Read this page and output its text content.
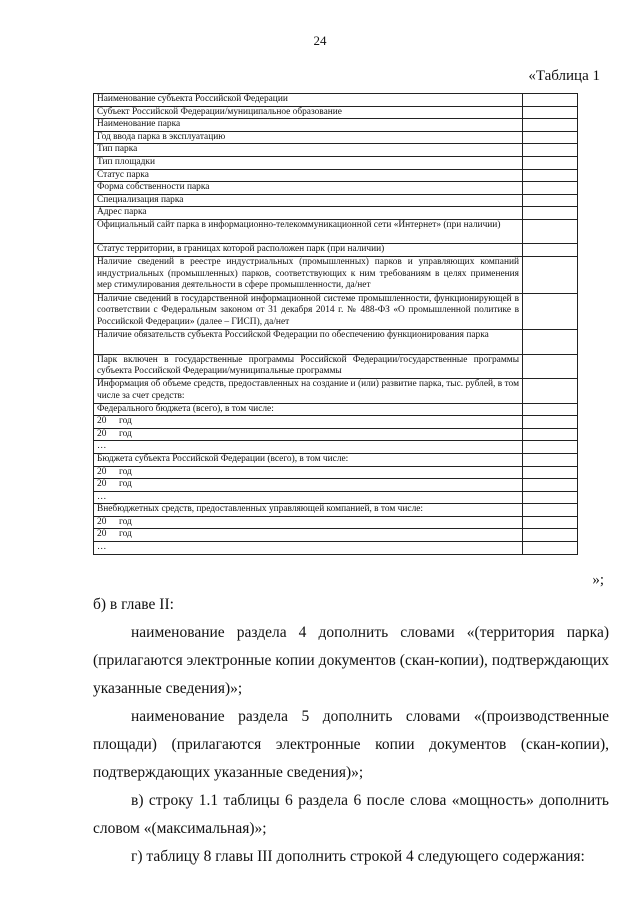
24
«Таблица 1
Наименование субъекта Российской Федерации	
Субъект Российской Федерации/муниципальное образование	
Наименование парка	
Год ввода парка в эксплуатацию	
Тип парка	
Тип площадки	
Статус парка	
Форма собственности парка	
Специализация парка	
Адрес парка	
Официальный сайт парка в информационно-телекоммуникационной сети «Интернет» (при наличии)	
Статус территории, в границах которой расположен парк (при наличии)	
Наличие сведений в реестре индустриальных (промышленных) парков и управляющих компаний индустриальных (промышленных) парков, соответствующих к ним требованиям в целях применения мер стимулирования деятельности в сфере промышленности, да/нет	
Наличие сведений в государственной информационной системе промышленности, функционирующей в соответствии с Федеральным законом от 31 декабря 2014 г. № 488-ФЗ «О промышленной политике в Российской Федерации» (далее – ГИСП), да/нет	
Наличие обязательств субъекта Российской Федерации по обеспечению функционирования парка	
Парк включен в государственные программы Российской Федерации/государственные программы субъекта Российской Федерации/муниципальные программы	
Информация об объеме средств, предоставленных на создание и (или) развитие парка, тыс. рублей, в том числе за счет средств:	
Федерального бюджета (всего), в том числе:	
20 год	
20 год	
…	
Бюджета субъекта Российской Федерации (всего), в том числе:	
20 год	
20 год	
…	
Внебюджетных средств, предоставленных управляющей компанией, в том числе:	
20 год	
20 год	
…	
»;
б) в главе II:
наименование раздела 4 дополнить словами «(территория парка) (прилагаются электронные копии документов (скан-копии), подтверждающих указанные сведения)»;
наименование раздела 5 дополнить словами «(производственные площади) (прилагаются электронные копии документов (скан-копии), подтверждающих указанные сведения)»;
в) строку 1.1 таблицы 6 раздела 6 после слова «мощность» дополнить словом «(максимальная)»;
г) таблицу 8 главы III дополнить строкой 4 следующего содержания:
